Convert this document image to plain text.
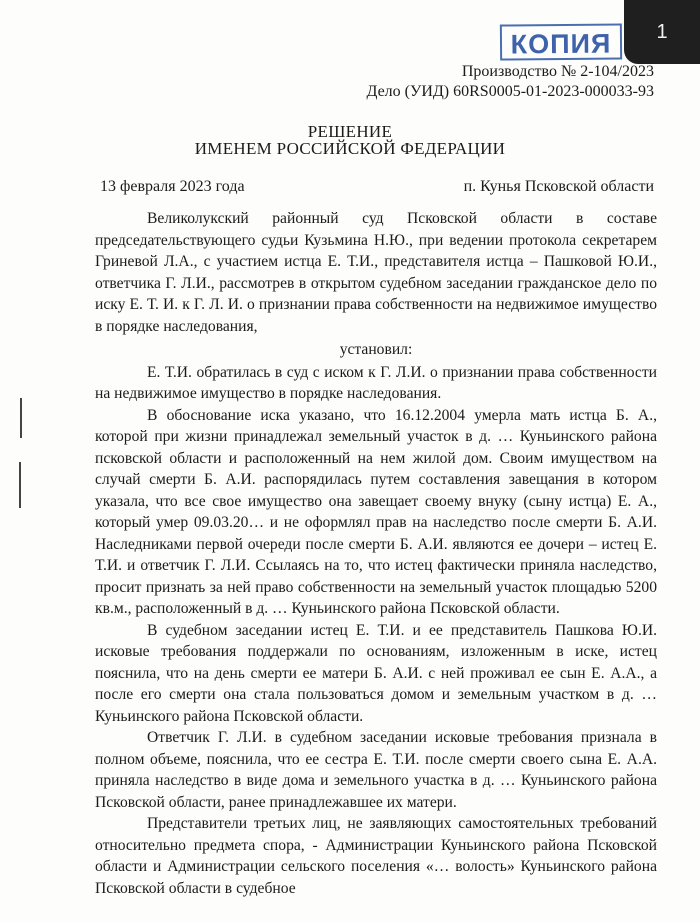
КОПИЯ	1
Производство № 2-104/2023
Дело (УИД) 60RS0005-01-2023-000033-93
РЕШЕНИЕ
ИМЕНЕМ РОССИЙСКОЙ ФЕДЕРАЦИИ
13 февраля 2023 года	п. Кунья Псковской области

Великолукский районный суд Псковской области в составе председательствующего судьи Кузьмина Н.Ю., при ведении протокола секретарем Гриневой Л.А., с участием истца Е. Т.И., представителя истца – Пашковой Ю.И., ответчика Г. Л.И., рассмотрев в открытом судебном заседании гражданское дело по иску Е. Т. И. к Г. Л. И. о признании права собственности на недвижимое имущество в порядке наследования,

установил:

Е. Т.И. обратилась в суд с иском к Г. Л.И. о признании права собственности на недвижимое имущество в порядке наследования.

В обоснование иска указано, что 16.12.2004 умерла мать истца Б. А., которой при жизни принадлежал земельный участок в д. … Куньинского района псковской области и расположенный на нем жилой дом. Своим имуществом на случай смерти Б. А.И. распорядилась путем составления завещания в котором указала, что все свое имущество она завещает своему внуку (сыну истца) Е. А., который умер 09.03.20… и не оформлял прав на наследство после смерти Б. А.И. Наследниками первой очереди после смерти Б. А.И. являются ее дочери – истец Е. Т.И. и ответчик Г. Л.И. Ссылаясь на то, что истец фактически приняла наследство, просит признать за ней право собственности на земельный участок площадью 5200 кв.м., расположенный в д. … Куньинского района Псковской области.

В судебном заседании истец Е. Т.И. и ее представитель Пашкова Ю.И. исковые требования поддержали по основаниям, изложенным в иске, истец пояснила, что на день смерти ее матери Б. А.И. с ней проживал ее сын Е. А.А., а после его смерти она стала пользоваться домом и земельным участком в д. … Куньинского района Псковской области.

Ответчик Г. Л.И. в судебном заседании исковые требования признала в полном объеме, пояснила, что ее сестра Е. Т.И. после смерти своего сына Е. А.А. приняла наследство в виде дома и земельного участка в д. … Куньинского района Псковской области, ранее принадлежавшее их матери.

Представители третьих лиц, не заявляющих самостоятельных требований относительно предмета спора, - Администрации Куньинского района Псковской области и Администрации сельского поселения «… волость» Куньинского района Псковской области в судебное
